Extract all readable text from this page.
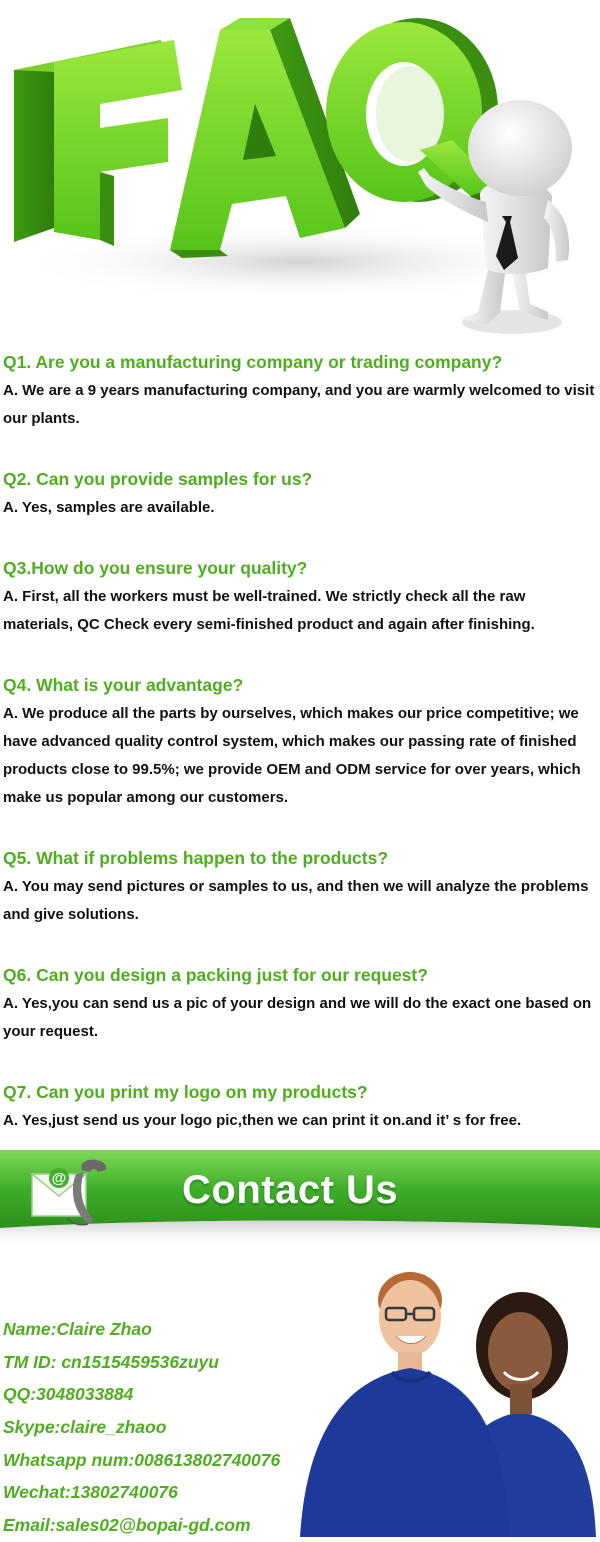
Q1. Are you a manufacturing company or trading company?

A. We are a 9 years manufacturing company, and you are warmly welcomed to visit our plants.

Q2. Can you provide samples for us?

A. Yes, samples are available.

Q3.How do you ensure your quality?

A. First, all the workers must be well-trained. We strictly check all the raw materials, QC Check every semi-finished product and again after finishing.

Q4. What is your advantage?

A. We produce all the parts by ourselves, which makes our price competitive; we have advanced quality control system, which makes our passing rate of finished products close to 99.5%; we provide OEM and ODM service for over years, which make us popular among our customers.

Q5. What if problems happen to the products?

A. You may send pictures or samples to us, and then we will analyze the problems and give solutions.

Q6. Can you design a packing just for our request?

A. Yes,you can send us a pic of your design and we will do the exact one based on your request.

Q7. Can you print my logo on my products?

A. Yes,just send us your logo pic,then we can print it on.and it’ s for free.

@	Contact Us
Name:Claire Zhao
TM ID: cn1515459536zuyu
QQ:3048033884
Skype:claire_zhaoo
Whatsapp num:008613802740076
Wechat:13802740076
Email:sales02@bopai-gd.com
